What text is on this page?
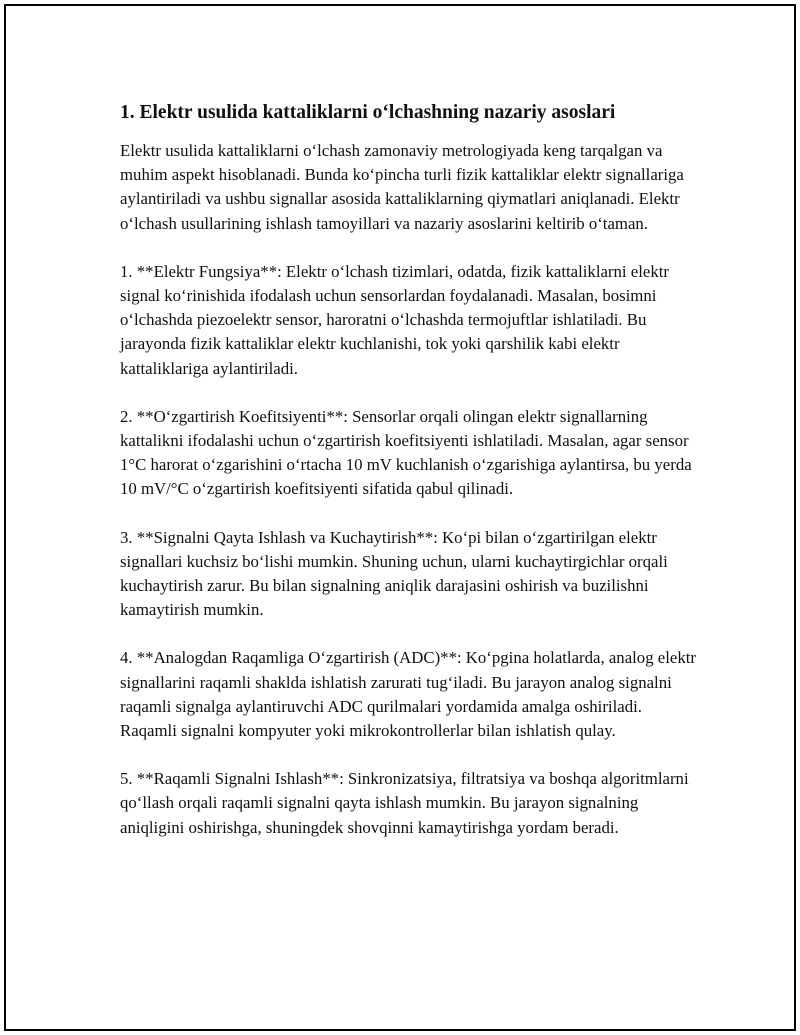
1. Elektr usulida kattaliklarni oʻlchashning nazariy asoslari

Elektr usulida kattaliklarni oʻlchash zamonaviy metrologiyada keng tarqalgan va muhim aspekt hisoblanadi. Bunda koʻpincha turli fizik kattaliklar elektr signallariga aylantiriladi va ushbu signallar asosida kattaliklarning qiymatlari aniqlanadi. Elektr oʻlchash usullarining ishlash tamoyillari va nazariy asoslarini keltirib oʻtaman.

1. **Elektr Fungsiya**: Elektr oʻlchash tizimlari, odatda, fizik kattaliklarni elektr signal koʻrinishida ifodalash uchun sensorlardan foydalanadi. Masalan, bosimni oʻlchashda piezoelektr sensor, haroratni oʻlchashda termojuftlar ishlatiladi. Bu jarayonda fizik kattaliklar elektr kuchlanishi, tok yoki qarshilik kabi elektr kattaliklariga aylantiriladi.

2. **Oʻzgartirish Koefitsiyenti**: Sensorlar orqali olingan elektr signallarning kattalikni ifodalashi uchun oʻzgartirish koefitsiyenti ishlatiladi. Masalan, agar sensor 1°C harorat oʻzgarishini oʻrtacha 10 mV kuchlanish oʻzgarishiga aylantirsa, bu yerda 10 mV/°C oʻzgartirish koefitsiyenti sifatida qabul qilinadi.

3. **Signalni Qayta Ishlash va Kuchaytirish**: Koʻpi bilan oʻzgartirilgan elektr signallari kuchsiz boʻlishi mumkin. Shuning uchun, ularni kuchaytirgichlar orqali kuchaytirish zarur. Bu bilan signalning aniqlik darajasini oshirish va buzilishni kamaytirish mumkin.

4. **Analogdan Raqamliga Oʻzgartirish (ADC)**: Koʻpgina holatlarda, analog elektr signallarini raqamli shaklda ishlatish zarurati tugʻiladi. Bu jarayon analog signalni raqamli signalga aylantiruvchi ADC qurilmalari yordamida amalga oshiriladi. Raqamli signalni kompyuter yoki mikrokontrollerlar bilan ishlatish qulay.

5. **Raqamli Signalni Ishlash**: Sinkronizatsiya, filtratsiya va boshqa algoritmlarni qoʻllash orqali raqamli signalni qayta ishlash mumkin. Bu jarayon signalning aniqligini oshirishga, shuningdek shovqinni kamaytirishga yordam beradi.
